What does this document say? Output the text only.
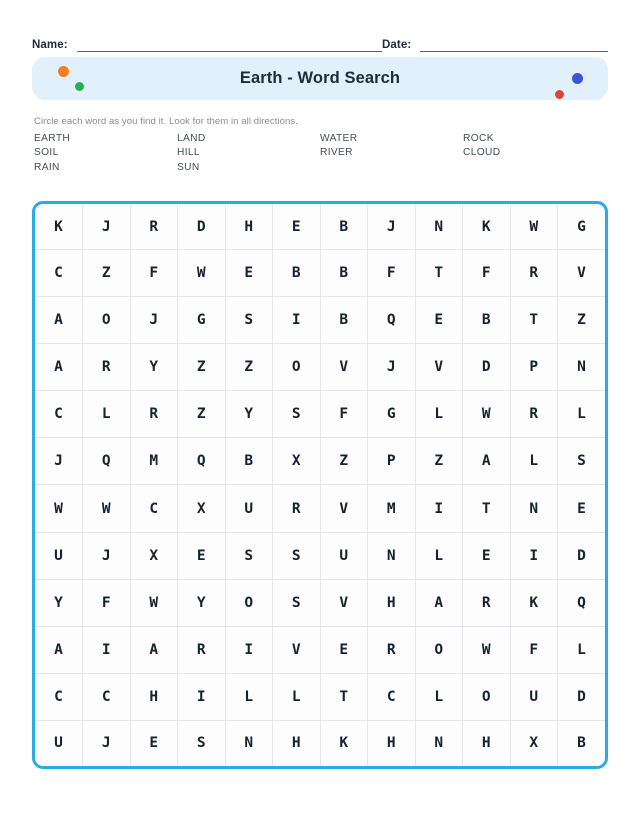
Name:	Date:
Earth - Word Search
Circle each word as you find it. Look for them in all directions.
EARTH	LAND	WATER	ROCK
SOIL	HILL	RIVER	CLOUD
RAIN	SUN
K	J	R	D	H	E	B	J	N	K	W	G
C	Z	F	W	E	B	B	F	T	F	R	V
A	O	J	G	S	I	B	Q	E	B	T	Z
A	R	Y	Z	Z	O	V	J	V	D	P	N
C	L	R	Z	Y	S	F	G	L	W	R	L
J	Q	M	Q	B	X	Z	P	Z	A	L	S
W	W	C	X	U	R	V	M	I	T	N	E
U	J	X	E	S	S	U	N	L	E	I	D
Y	F	W	Y	O	S	V	H	A	R	K	Q
A	I	A	R	I	V	E	R	O	W	F	L
C	C	H	I	L	L	T	C	L	O	U	D
U	J	E	S	N	H	K	H	N	H	X	B
